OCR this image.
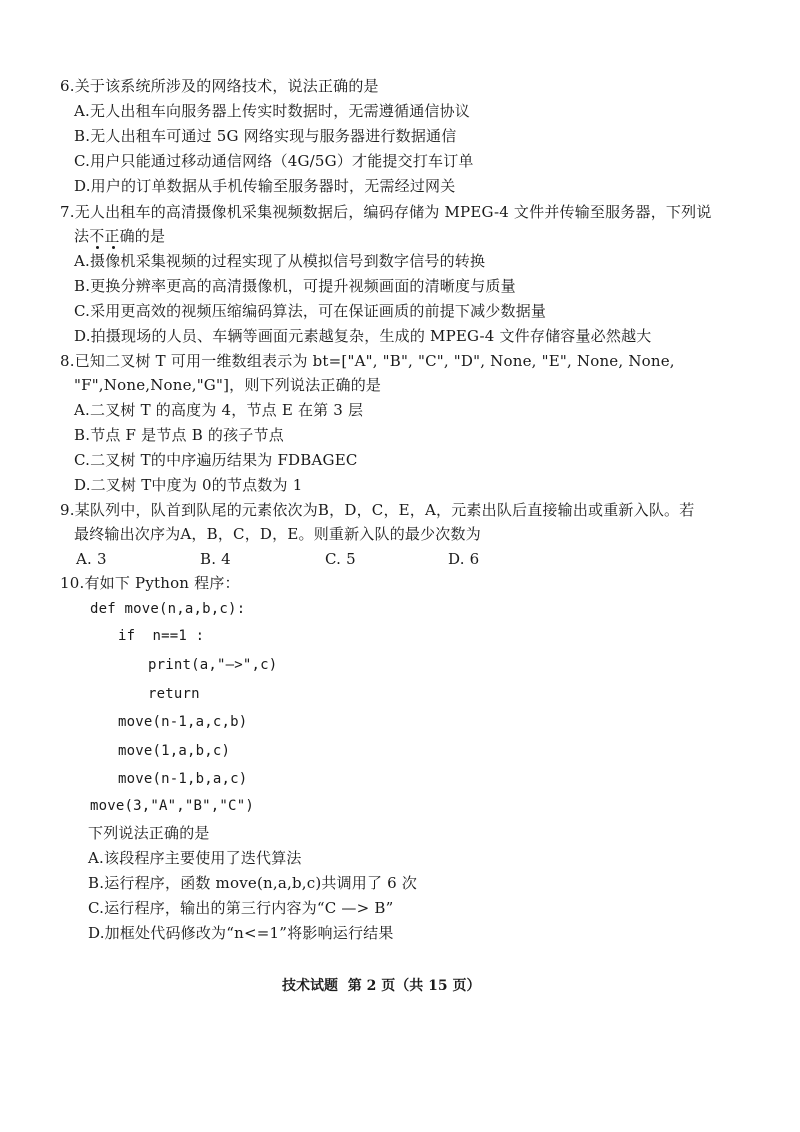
6.关于该系统所涉及的网络技术，说法正确的是
A.无人出租车向服务器上传实时数据时，无需遵循通信协议
B.无人出租车可通过 5G 网络实现与服务器进行数据通信
C.用户只能通过移动通信网络（4G/5G）才能提交打车订单
D.用户的订单数据从手机传输至服务器时，无需经过网关
7.无人出租车的高清摄像机采集视频数据后，编码存储为 MPEG-4 文件并传输至服务器，下列说
法不正确的是
A.摄像机采集视频的过程实现了从模拟信号到数字信号的转换
B.更换分辨率更高的高清摄像机，可提升视频画面的清晰度与质量
C.采用更高效的视频压缩编码算法，可在保证画质的前提下减少数据量
D.拍摄现场的人员、车辆等画面元素越复杂，生成的 MPEG-4 文件存储容量必然越大
8.已知二叉树 T 可用一维数组表示为 bt=["A", "B", "C", "D", None, "E", None, None,
"F",None,None,"G"]，则下列说法正确的是
A.二叉树 T 的高度为 4，节点 E 在第 3 层
B.节点 F 是节点 B 的孩子节点
C.二叉树 T的中序遍历结果为 FDBAGEC
D.二叉树 T中度为 0的节点数为 1
9.某队列中，队首到队尾的元素依次为B，D，C，E，A，元素出队后直接输出或重新入队。若
最终输出次序为A，B，C，D，E。则重新入队的最少次数为
A. 3	B. 4	C. 5	D. 6
10.有如下 Python 程序：
def move(n,a,b,c):
if  n==1 :
print(a,"—>",c)
return
move(n-1,a,c,b)
move(1,a,b,c)
move(n-1,b,a,c)
move(3,"A","B","C")
下列说法正确的是
A.该段程序主要使用了迭代算法
B.运行程序，函数 move(n,a,b,c)共调用了 6 次
C.运行程序，输出的第三行内容为“C —> B”
D.加框处代码修改为“n<=1”将影响运行结果
技术试题  第 2 页（共 15 页）
